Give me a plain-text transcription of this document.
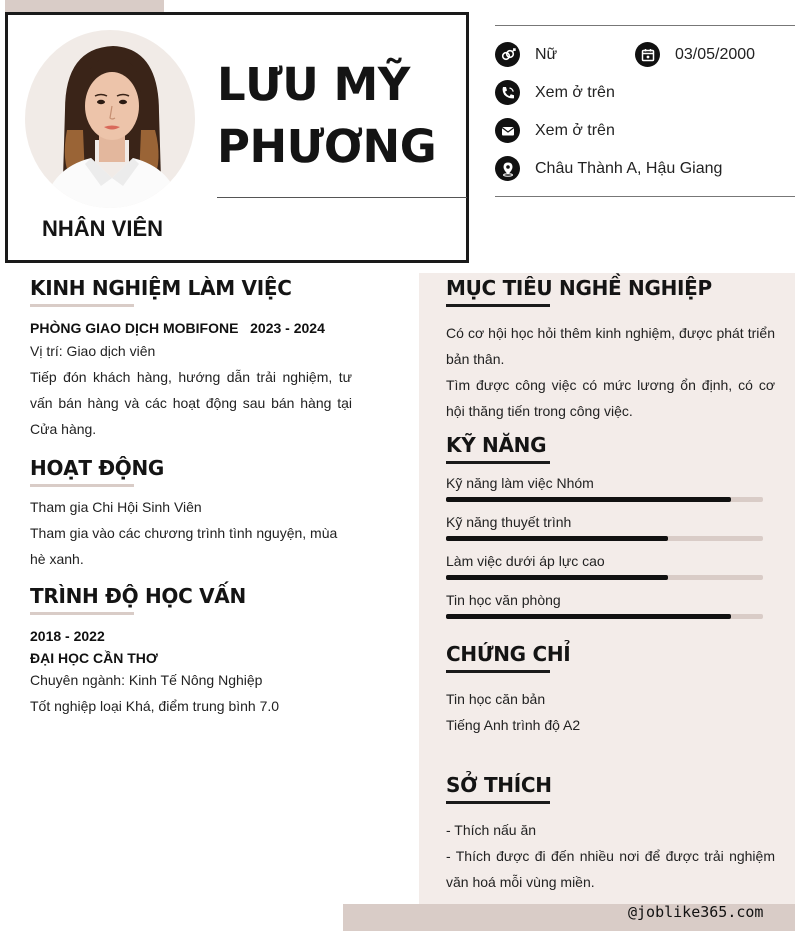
LƯU MỸ
PHƯƠNG
NHÂN VIÊN
Nữ	03/05/2000
Xem ở trên
Xem ở trên
Châu Thành A, Hậu Giang
KINH NGHIỆM LÀM VIỆC
PHÒNG GIAO DỊCH MOBIFONE 2023 - 2024
Vị trí: Giao dịch viên
Tiếp đón khách hàng, hướng dẫn trải nghiệm, tư vấn bán hàng và các hoạt động sau bán hàng tại Cửa hàng.
HOẠT ĐỘNG
Tham gia Chi Hội Sinh Viên
Tham gia vào các chương trình tình nguyện, mùa hè xanh.
TRÌNH ĐỘ HỌC VẤN
2018 - 2022
ĐẠI HỌC CẦN THƠ
Chuyên ngành: Kinh Tế Nông Nghiệp
Tốt nghiệp loại Khá, điểm trung bình 7.0
MỤC TIÊU NGHỀ NGHIỆP
Có cơ hội học hỏi thêm kinh nghiệm, được phát triển bản thân.
Tìm được công việc có mức lương ổn định, có cơ hội thăng tiến trong công việc.
KỸ NĂNG
Kỹ năng làm việc Nhóm
Kỹ năng thuyết trình
Làm việc dưới áp lực cao
Tin học văn phòng
CHỨNG CHỈ
Tin học căn bản
Tiếng Anh trình độ A2
SỞ THÍCH
- Thích nấu ăn
- Thích được đi đến nhiều nơi để được trải nghiệm văn hoá mỗi vùng miền.
@joblike365.com
